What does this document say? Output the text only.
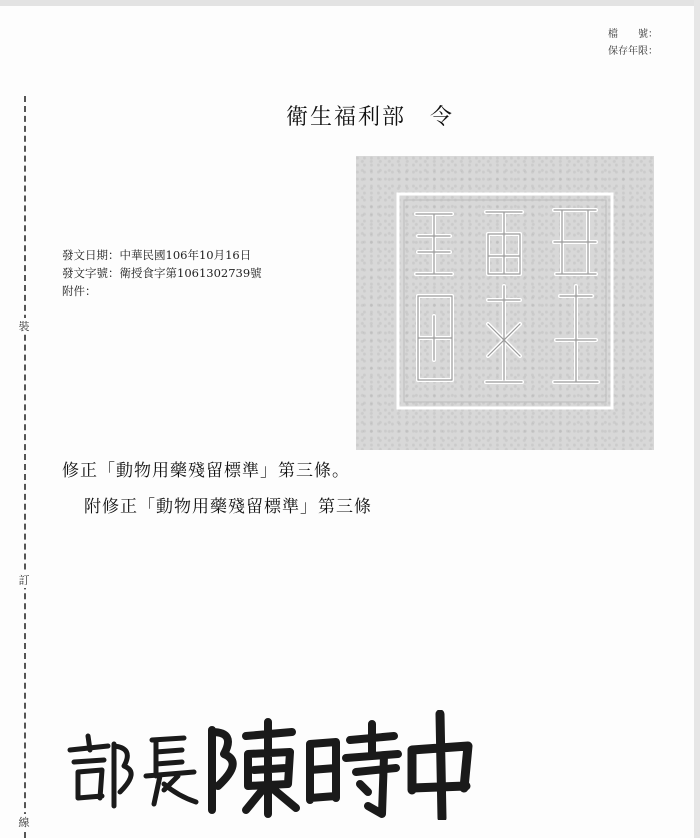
檔　　號：
保存年限：
裝
訂
線
衛生福利部　令
發文日期：中華民國106年10月16日
發文字號：衛授食字第1061302739號
附件：
修正「動物用藥殘留標準」第三條。
附修正「動物用藥殘留標準」第三條
